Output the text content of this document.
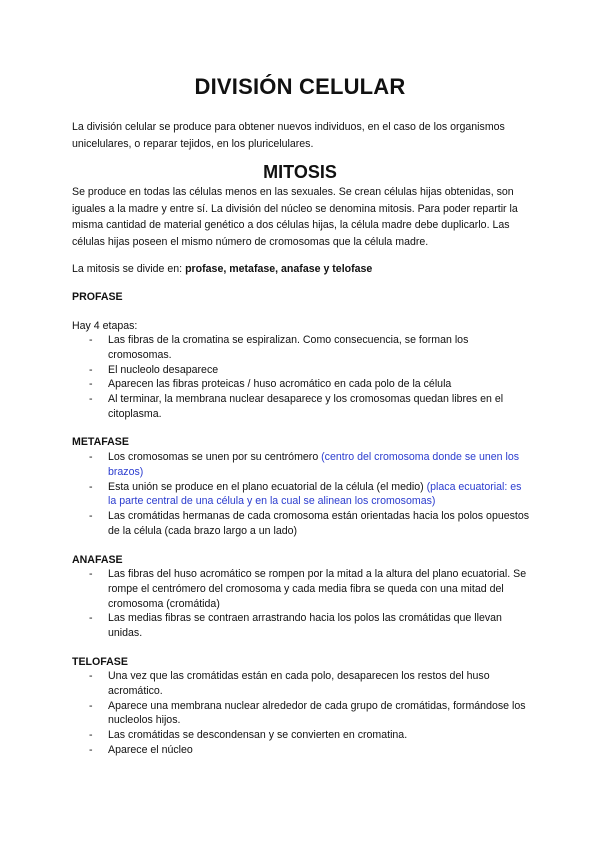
DIVISIÓN CELULAR
La división celular se produce para obtener nuevos individuos, en el caso de los organismos unicelulares, o reparar tejidos, en los pluricelulares.
MITOSIS
Se produce en todas las células menos en las sexuales. Se crean células hijas obtenidas, son iguales a la madre y entre sí. La división del núcleo se denomina mitosis. Para poder repartir la misma cantidad de material genético a dos células hijas, la célula madre debe duplicarlo. Las células hijas poseen el mismo número de cromosomas que la célula madre.
La mitosis se divide en: profase, metafase, anafase y telofase
PROFASE
Hay 4 etapas:
- Las fibras de la cromatina se espiralizan. Como consecuencia, se forman los cromosomas.
- El nucleolo desaparece
- Aparecen las fibras proteicas / huso acromático en cada polo de la célula
- Al terminar, la membrana nuclear desaparece y los cromosomas quedan libres en el citoplasma.
METAFASE
- Los cromosomas se unen por su centrómero (centro del cromosoma donde se unen los brazos)
- Esta unión se produce en el plano ecuatorial de la célula (el medio) (placa ecuatorial: es la parte central de una célula y en la cual se alinean los cromosomas)
- Las cromátidas hermanas de cada cromosoma están orientadas hacia los polos opuestos de la célula (cada brazo largo a un lado)
ANAFASE
- Las fibras del huso acromático se rompen por la mitad a la altura del plano ecuatorial. Se rompe el centrómero del cromosoma y cada media fibra se queda con una mitad del cromosoma (cromátida)
- Las medias fibras se contraen arrastrando hacia los polos las cromátidas que llevan unidas.
TELOFASE
- Una vez que las cromátidas están en cada polo, desaparecen los restos del huso acromático.
- Aparece una membrana nuclear alrededor de cada grupo de cromátidas, formándose los nucleolos hijos.
- Las cromátidas se descondensan y se convierten en cromatina.
- Aparece el núcleo
